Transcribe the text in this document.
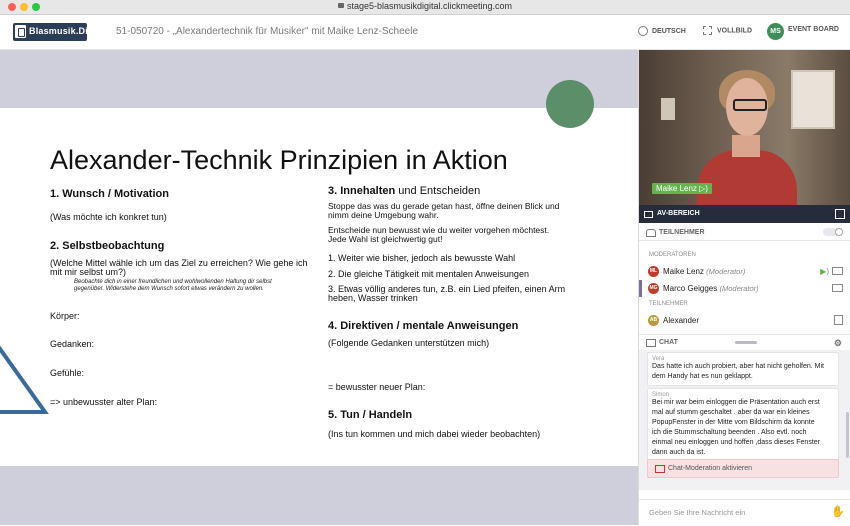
stage5-blasmusikdigital.clickmeeting.com
Blasmusik.Digital 51-050720 - „Alexandertechnik für Musiker" mit Maike Lenz-Scheele	DEUTSCH	VOLLBILD	MS	EVENT BOARD
Alexander-Technik Prinzipien in Aktion
1. Wunsch / Motivation
(Was möchte ich konkret tun)
2. Selbstbeobachtung
(Welche Mittel wähle ich um das Ziel zu erreichen? Wie gehe ich
mit mir selbst um?)
Beobachte dich in einer freundlichen und wohlwollenden Haltung dir selbst
gegenüber. Widerstehe dem Wunsch sofort etwas verändern zu wollen.
Körper:
Gedanken:
Gefühle:
=> unbewusster alter Plan:
3. Innehalten und Entscheiden
Stoppe das was du gerade getan hast, öffne deinen Blick und
nimm deine Umgebung wahr.
Entscheide nun bewusst wie du weiter vorgehen möchtest.
Jede Wahl ist gleichwertig gut!
1. Weiter wie bisher, jedoch als bewusste Wahl
2. Die gleiche Tätigkeit mit mentalen Anweisungen
3. Etwas völlig anderes tun, z.B. ein Lied pfeifen, einen Arm
heben, Wasser trinken
4. Direktiven / mentale Anweisungen
(Folgende Gedanken unterstützen mich)
= bewusster neuer Plan:
5. Tun / Handeln
(Ins tun kommen und mich dabei wieder beobachten)
Maike Lenz ▷)
AV-BEREICH
TEILNEHMER
MODERATOREN
ML Maike Lenz (Moderator)	▶)
MG Marco Geigges (Moderator)
TEILNEHMER
AB Alexander
CHAT	⚙
Vera
Das hatte ich auch probiert, aber hat nicht geholfen. Mit
dem Handy hat es nun geklappt.
Simon
Bei mir war beim einloggen die Präsentation auch erst
mal auf stumm geschaltet . aber da war ein kleines
PopupFenster in der Mitte vom Bildschirm da konnte
ich die Stummschaltung beenden . Also evtl. noch
einmal neu einloggen und hoffen ,dass dieses Fenster
dann auch da ist.
Chat-Moderation aktivieren
Geben Sie Ihre Nachricht ein	✋
